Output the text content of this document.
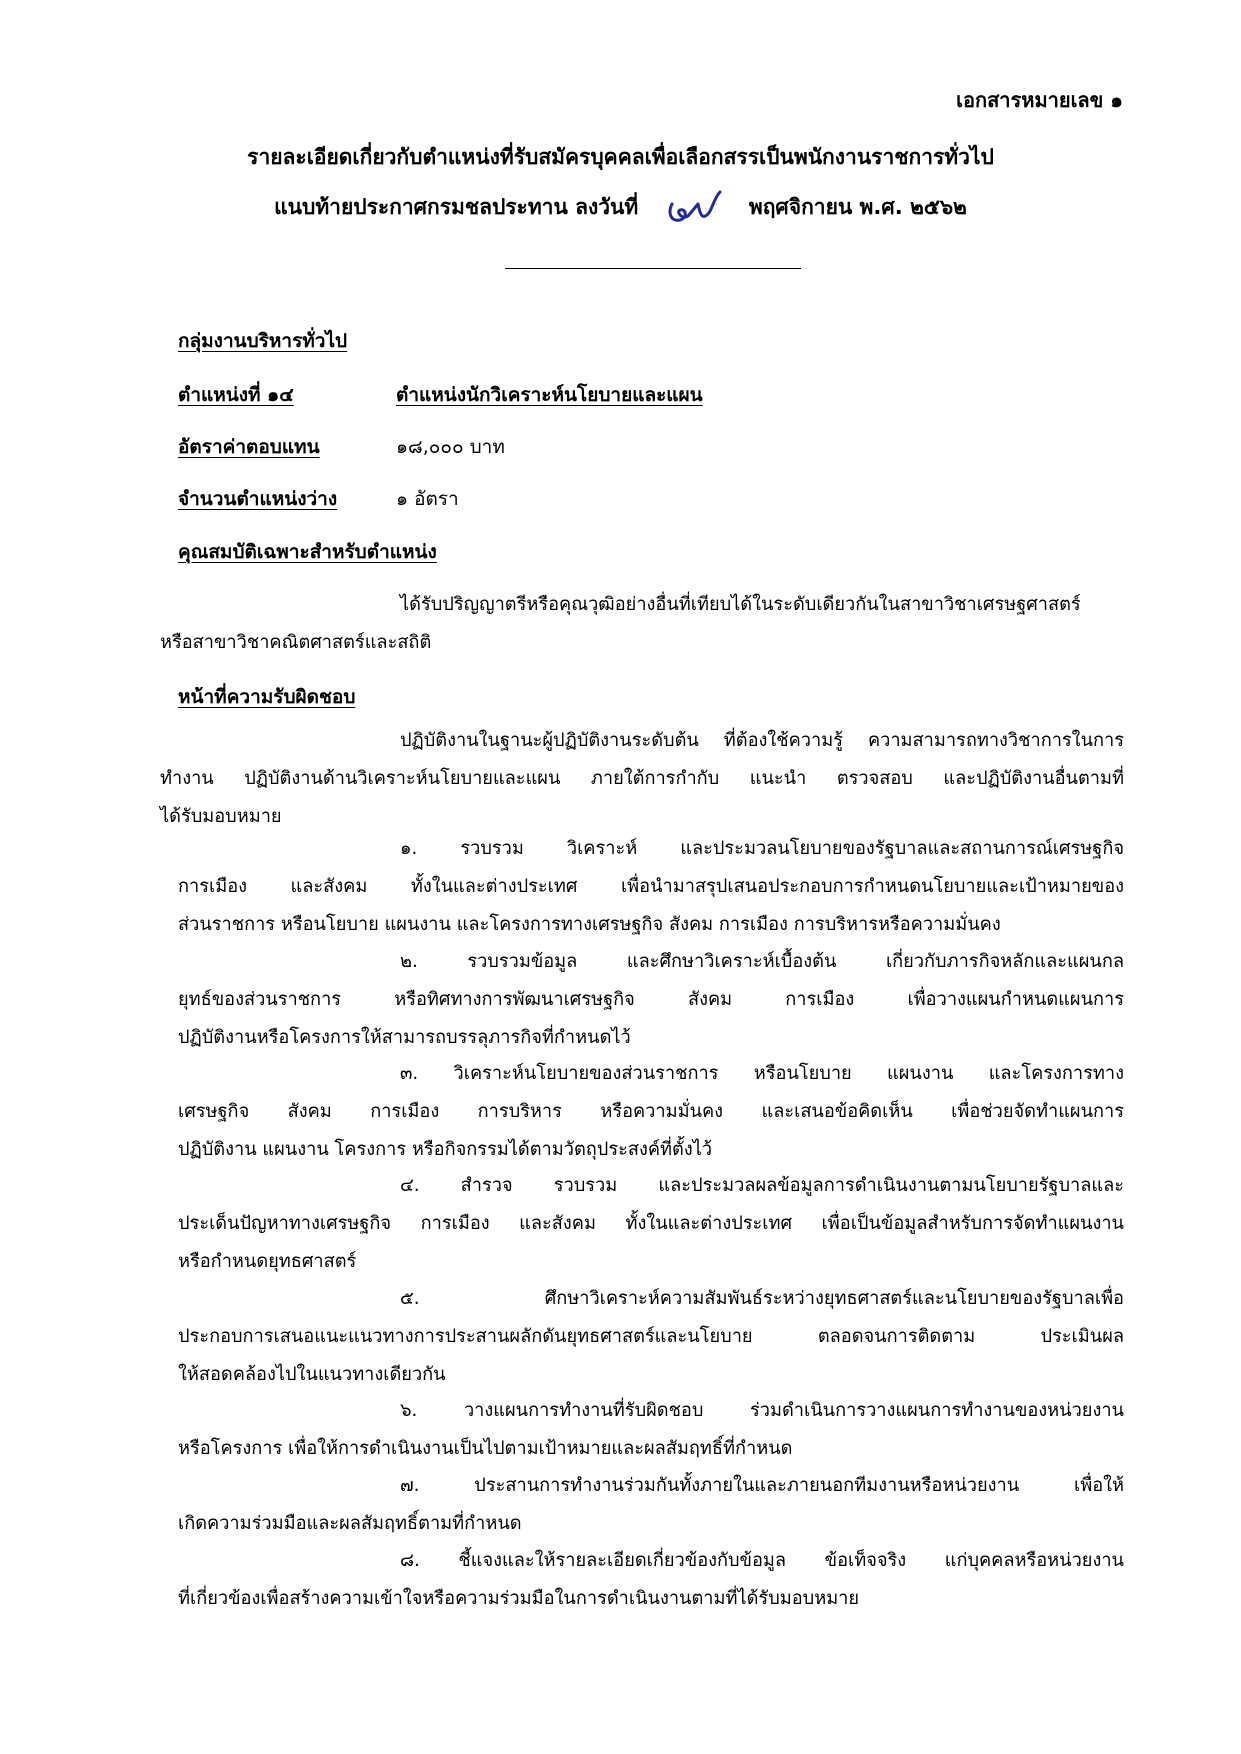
เอกสารหมายเลข ๑
รายละเอียดเกี่ยวกับตำแหน่งที่รับสมัครบุคคลเพื่อเลือกสรรเป็นพนักงานราชการทั่วไป
แนบท้ายประกาศกรมชลประทาน ลงวันที่	พฤศจิกายน พ.ศ. ๒๕๖๒
กลุ่มงานบริหารทั่วไป
ตำแหน่งที่ ๑๔	ตำแหน่งนักวิเคราะห์นโยบายและแผน
อัตราค่าตอบแทน	๑๘,๐๐๐ บาท
จำนวนตำแหน่งว่าง	๑ อัตรา
คุณสมบัติเฉพาะสำหรับตำแหน่ง
ได้รับปริญญาตรีหรือคุณวุฒิอย่างอื่นที่เทียบได้ในระดับเดียวกันในสาขาวิชาเศรษฐศาสตร์
หรือสาขาวิชาคณิตศาสตร์และสถิติ
หน้าที่ความรับผิดชอบ
ปฏิบัติงานในฐานะผู้ปฏิบัติงานระดับต้น ที่ต้องใช้ความรู้ ความสามารถทางวิชาการในการ
ทำงาน ปฏิบัติงานด้านวิเคราะห์นโยบายและแผน ภายใต้การกำกับ แนะนำ ตรวจสอบ และปฏิบัติงานอื่นตามที่
ได้รับมอบหมาย
๑. รวบรวม วิเคราะห์ และประมวลนโยบายของรัฐบาลและสถานการณ์เศรษฐกิจ
การเมือง และสังคม ทั้งในและต่างประเทศ เพื่อนำมาสรุปเสนอประกอบการกำหนดนโยบายและเป้าหมายของ
ส่วนราชการ หรือนโยบาย แผนงาน และโครงการทางเศรษฐกิจ สังคม การเมือง การบริหารหรือความมั่นคง
๒. รวบรวมข้อมูล และศึกษาวิเคราะห์เบื้องต้น เกี่ยวกับภารกิจหลักและแผนกล
ยุทธ์ของส่วนราชการ หรือทิศทางการพัฒนาเศรษฐกิจ สังคม การเมือง เพื่อวางแผนกำหนดแผนการ
ปฏิบัติงานหรือโครงการให้สามารถบรรลุภารกิจที่กำหนดไว้
๓. วิเคราะห์นโยบายของส่วนราชการ หรือนโยบาย แผนงาน และโครงการทาง
เศรษฐกิจ สังคม การเมือง การบริหาร หรือความมั่นคง และเสนอข้อคิดเห็น เพื่อช่วยจัดทำแผนการ
ปฏิบัติงาน แผนงาน โครงการ หรือกิจกรรมได้ตามวัตถุประสงค์ที่ตั้งไว้
๔. สำรวจ รวบรวม และประมวลผลข้อมูลการดำเนินงานตามนโยบายรัฐบาลและ
ประเด็นปัญหาทางเศรษฐกิจ การเมือง และสังคม ทั้งในและต่างประเทศ เพื่อเป็นข้อมูลสำหรับการจัดทำแผนงาน
หรือกำหนดยุทธศาสตร์
๕. ศึกษาวิเคราะห์ความสัมพันธ์ระหว่างยุทธศาสตร์และนโยบายของรัฐบาลเพื่อ
ประกอบการเสนอแนะแนวทางการประสานผลักดันยุทธศาสตร์และนโยบาย ตลอดจนการติดตาม ประเมินผล
ให้สอดคล้องไปในแนวทางเดียวกัน
๖. วางแผนการทำงานที่รับผิดชอบ ร่วมดำเนินการวางแผนการทำงานของหน่วยงาน
หรือโครงการ เพื่อให้การดำเนินงานเป็นไปตามเป้าหมายและผลสัมฤทธิ์ที่กำหนด
๗. ประสานการทำงานร่วมกันทั้งภายในและภายนอกทีมงานหรือหน่วยงาน เพื่อให้
เกิดความร่วมมือและผลสัมฤทธิ์ตามที่กำหนด
๘. ชี้แจงและให้รายละเอียดเกี่ยวข้องกับข้อมูล ข้อเท็จจริง แก่บุคคลหรือหน่วยงาน
ที่เกี่ยวข้องเพื่อสร้างความเข้าใจหรือความร่วมมือในการดำเนินงานตามที่ได้รับมอบหมาย
